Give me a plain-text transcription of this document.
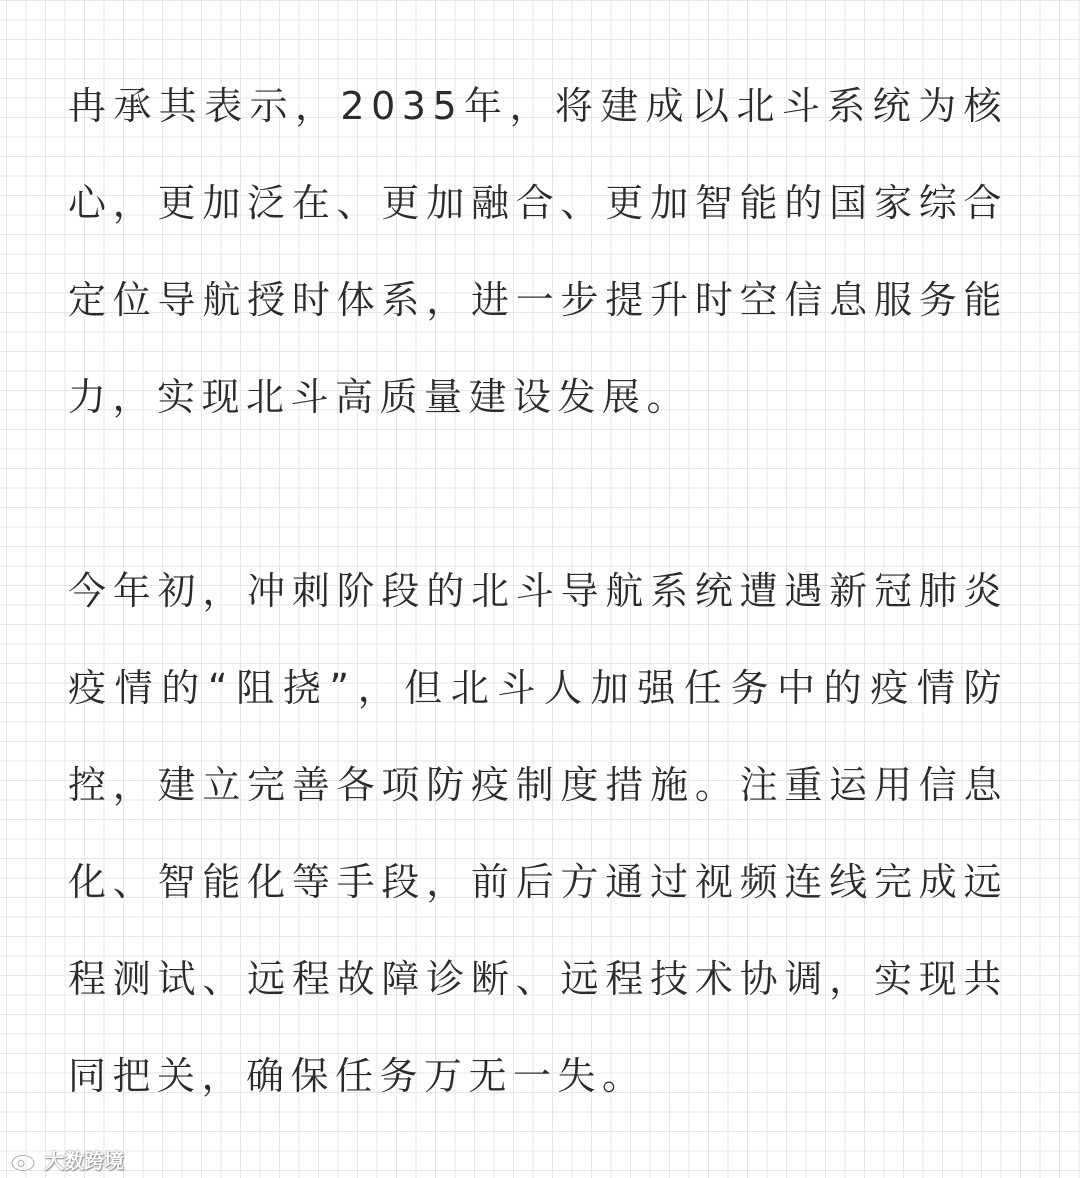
冉承其表示，2035年，将建成以北斗系统为核心，更加泛在、更加融合、更加智能的国家综合定位导航授时体系，进一步提升时空信息服务能力，实现北斗高质量建设发展。

今年初，冲刺阶段的北斗导航系统遭遇新冠肺炎疫情的“阻挠”，但北斗人加强任务中的疫情防控，建立完善各项防疫制度措施。注重运用信息化、智能化等手段，前后方通过视频连线完成远程测试、远程故障诊断、远程技术协调，实现共同把关，确保任务万无一失。

大数跨境
